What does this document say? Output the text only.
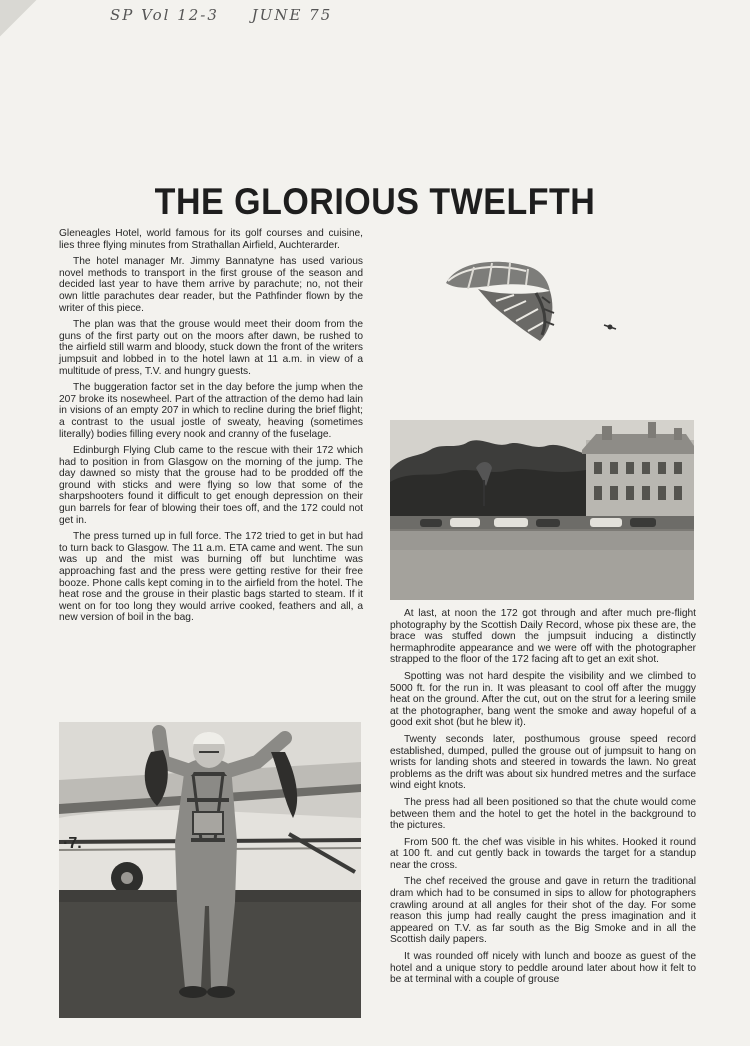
SP Vol 12-3 JUNE 75
THE GLORIOUS TWELFTH

Gleneagles Hotel, world famous for its golf courses and cuisine, lies three flying minutes from Strathallan Airfield, Auchterarder.

The hotel manager Mr. Jimmy Bannatyne has used various novel methods to transport in the first grouse of the season and decided last year to have them arrive by parachute; no, not their own little parachutes dear reader, but the Pathfinder flown by the writer of this piece.

The plan was that the grouse would meet their doom from the guns of the first party out on the moors after dawn, be rushed to the airfield still warm and bloody, stuck down the front of the writers jumpsuit and lobbed in to the hotel lawn at 11 a.m. in view of a multitude of press, T.V. and hungry guests.

The buggeration factor set in the day before the jump when the 207 broke its nosewheel. Part of the attraction of the demo had lain in visions of an empty 207 in which to recline during the brief flight; a contrast to the usual jostle of sweaty, heaving (sometimes literally) bodies filling every nook and cranny of the fuselage.

Edinburgh Flying Club came to the rescue with their 172 which had to position in from Glasgow on the morning of the jump. The day dawned so misty that the grouse had to be prodded off the ground with sticks and were flying so low that some of the sharpshooters found it difficult to get enough depression on their gun barrels for fear of blowing their toes off, and the 172 could not get in.

The press turned up in full force. The 172 tried to get in but had to turn back to Glasgow. The 11 a.m. ETA came and went. The sun was up and the mist was burning off but lunchtime was approaching fast and the press were getting restive for their free booze. Phone calls kept coming in to the airfield from the hotel. The heat rose and the grouse in their plastic bags started to steam. If it went on for too long they would arrive cooked, feathers and all, a new version of boil in the bag.	At last, at noon the 172 got through and after much pre-flight photography by the Scottish Daily Record, whose pix these are, the brace was stuffed down the jumpsuit inducing a distinctly hermaphrodite appearance and we were off with the photographer strapped to the floor of the 172 facing aft to get an exit shot.

Spotting was not hard despite the visibility and we climbed to 5000 ft. for the run in. It was pleasant to cool off after the muggy heat on the ground. After the cut, out on the strut for a leering smile at the photographer, bang went the smoke and away hopeful of a good exit shot (but he blew it).

Twenty seconds later, posthumous grouse speed record established, dumped, pulled the grouse out of jumpsuit to hang on wrists for landing shots and steered in towards the lawn. No great problems as the drift was about six hundred metres and the surface wind eight knots.

The press had all been positioned so that the chute would come between them and the hotel to get the hotel in the background to the pictures.

From 500 ft. the chef was visible in his whites. Hooked it round at 100 ft. and cut gently back in towards the target for a standup near the cross.

The chef received the grouse and gave in return the traditional dram which had to be consumed in sips to allow for photographers crawling around at all angles for their shot of the day. For some reason this jump had really caught the press imagination and it appeared on T.V. as far south as the Big Smoke and in all the Scottish daily papers.

It was rounded off nicely with lunch and booze as guest of the hotel and a unique story to peddle around later about how it felt to be at terminal with a couple of grouse

·7.
